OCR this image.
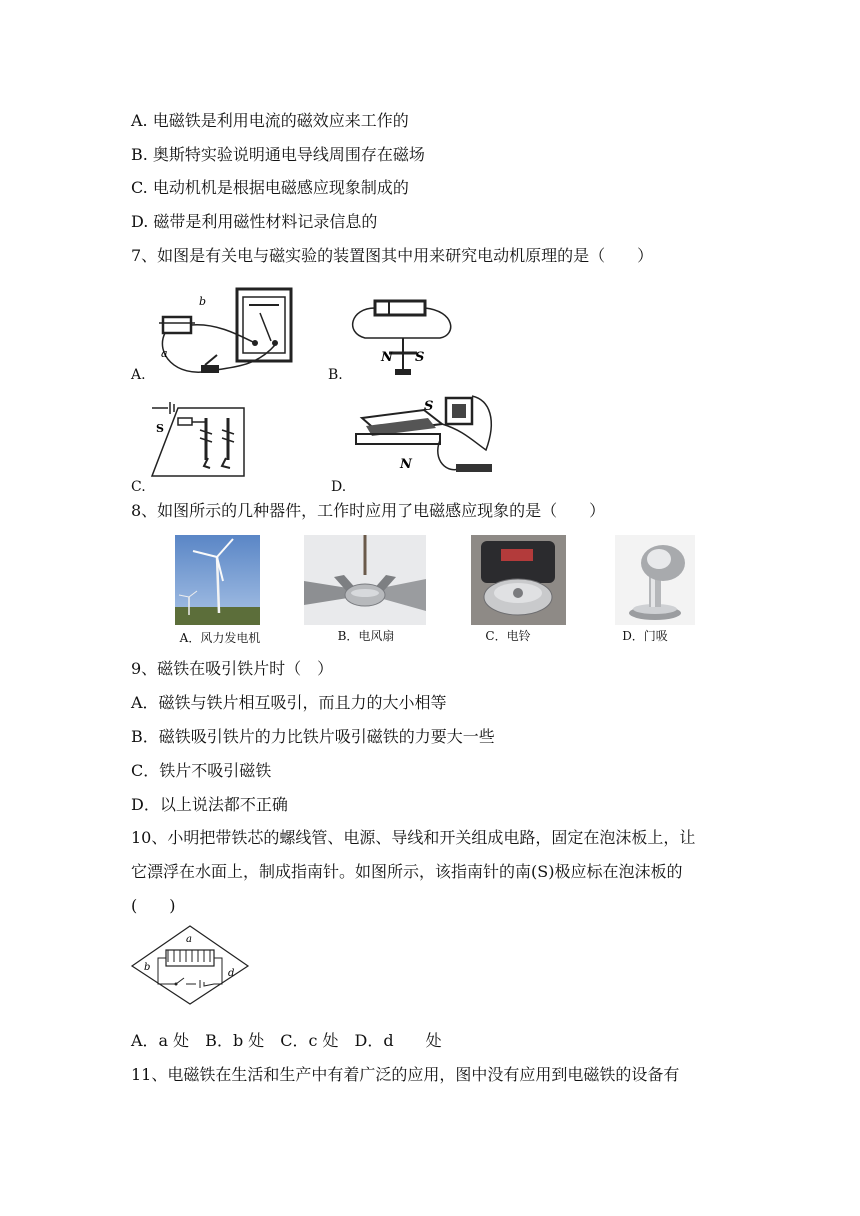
A. 电磁铁是利用电流的磁效应来工作的
B. 奥斯特实验说明通电导线周围存在磁场
C. 电动机机是根据电磁感应现象制成的
D. 磁带是利用磁性材料记录信息的
7、如图是有关电与磁实验的装置图其中用来研究电动机原理的是（　　）
A.
b
a
B.
N S
C.
S
D.
S
N
8、如图所示的几种器件，工作时应用了电磁感应现象的是（　　）
A．风力发电机	B．电风扇	C．电铃	D．门吸
9、磁铁在吸引铁片时（　）
A．磁铁与铁片相互吸引，而且力的大小相等
B．磁铁吸引铁片的力比铁片吸引磁铁的力要大一些
C．铁片不吸引磁铁
D．以上说法都不正确
10、小明把带铁芯的螺线管、电源、导线和开关组成电路，固定在泡沫板上，让
它漂浮在水面上，制成指南针。如图所示，该指南针的南(S)极应标在泡沫板的
(　　)
a
b
d
A．a 处　B．b 处　C．c 处　D．d　　处
11、电磁铁在生活和生产中有着广泛的应用，图中没有应用到电磁铁的设备有
